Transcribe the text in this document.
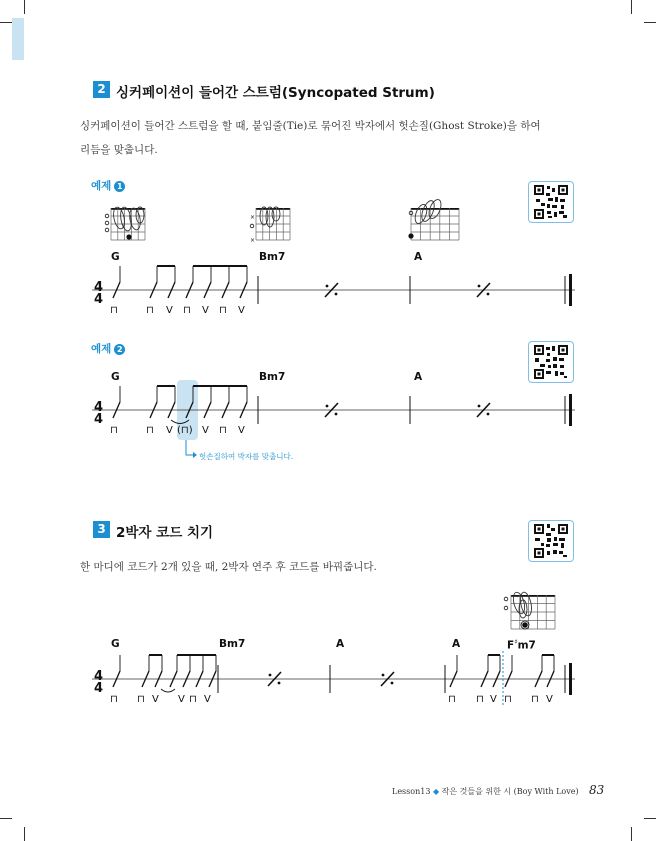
2 싱커페이션이 들어간 스트럼(Syncopated Strum)
싱커페이션이 들어간 스트럼을 할 때, 붙임줄(Tie)로 묶어진 박자에서 헛손질(Ghost Stroke)을 하여
리듬을 맞춥니다.
예제 1
×
×
G	Bm7	A
4
4
⊓	⊓ V ⊓ V ⊓ V
예제 2
G	Bm7	A
4
4
⊓	⊓ V (⊓) V ⊓ V
헛손질하여 박자를 맞춥니다.
3 2박자 코드 치기
한 마디에 코드가 2개 있을 때, 2박자 연주 후 코드를 바꿔줍니다.
G	Bm7	A	A	F♯m7
4
4
⊓ ⊓ V V ⊓ V	⊓ ⊓ V ⊓ ⊓ V
Lesson13 ◆ 작은 것들을 위한 시 (Boy With Love) 83
